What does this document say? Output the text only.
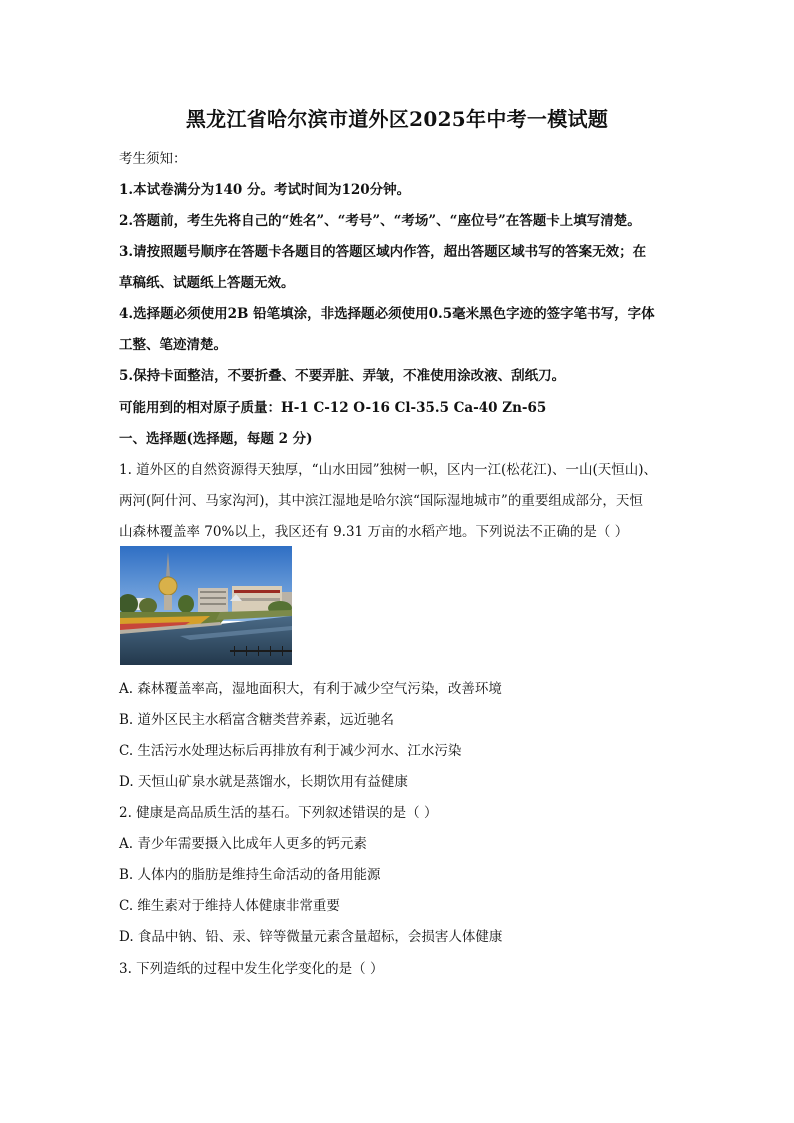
黑龙江省哈尔滨市道外区2025年中考一模试题
考生须知：
1.本试卷满分为140 分。考试时间为120分钟。
2.答题前，考生先将自己的“姓名”、“考号”、“考场”、“座位号”在答题卡上填写清楚。
3.请按照题号顺序在答题卡各题目的答题区域内作答，超出答题区域书写的答案无效；在
草稿纸、试题纸上答题无效。
4.选择题必须使用2B 铅笔填涂，非选择题必须使用0.5毫米黑色字迹的签字笔书写，字体
工整、笔迹清楚。
5.保持卡面整洁，不要折叠、不要弄脏、弄皱，不准使用涂改液、刮纸刀。
可能用到的相对原子质量：H-1 C-12 O-16 Cl-35.5 Ca-40 Zn-65
一、选择题(选择题，每题 2 分)
1. 道外区的自然资源得天独厚，“山水田园”独树一帜，区内一江(松花江)、一山(天恒山)、
两河(阿什河、马家沟河)，其中滨江湿地是哈尔滨“国际湿地城市”的重要组成部分，天恒
山森林覆盖率 70%以上，我区还有 9.31 万亩的水稻产地。下列说法不正确的是（ ）
A. 森林覆盖率高，湿地面积大，有利于减少空气污染，改善环境
B. 道外区民主水稻富含糖类营养素，远近驰名
C. 生活污水处理达标后再排放有利于减少河水、江水污染
D. 天恒山矿泉水就是蒸馏水，长期饮用有益健康
2. 健康是高品质生活的基石。下列叙述错误的是（ ）
A. 青少年需要摄入比成年人更多的钙元素
B. 人体内的脂肪是维持生命活动的备用能源
C. 维生素对于维持人体健康非常重要
D. 食品中钠、铅、汞、锌等微量元素含量超标，会损害人体健康
3. 下列造纸的过程中发生化学变化的是（ ）
